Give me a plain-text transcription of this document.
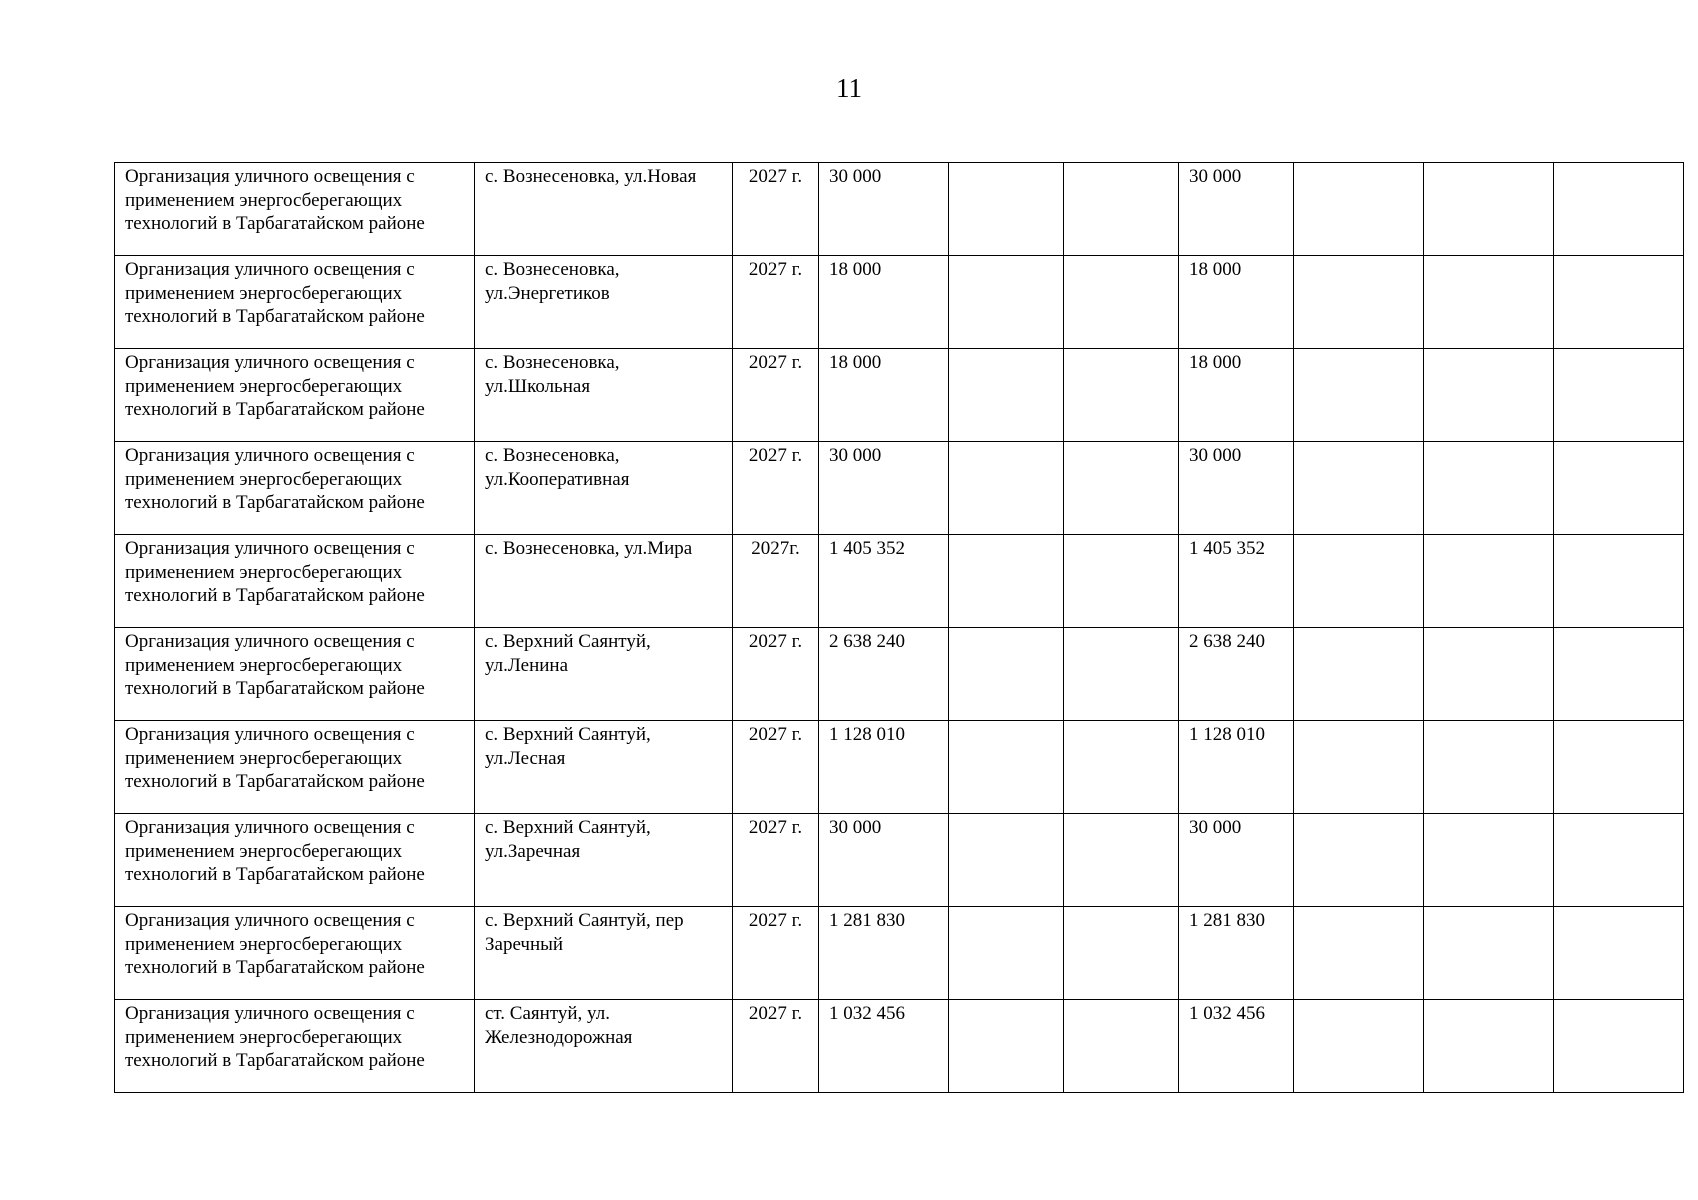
11
Организация уличного освещения с применением энергосберегающих технологий в Тарбагатайском районе	с. Вознесеновка, ул.Новая	2027 г.	30 000			30 000			
Организация уличного освещения с применением энергосберегающих технологий в Тарбагатайском районе	с. Вознесеновка, ул.Энергетиков	2027 г.	18 000			18 000			
Организация уличного освещения с применением энергосберегающих технологий в Тарбагатайском районе	с. Вознесеновка, ул.Школьная	2027 г.	18 000			18 000			
Организация уличного освещения с применением энергосберегающих технологий в Тарбагатайском районе	с. Вознесеновка, ул.Кооперативная	2027 г.	30 000			30 000			
Организация уличного освещения с применением энергосберегающих технологий в Тарбагатайском районе	с. Вознесеновка, ул.Мира	2027г.	1 405 352			1 405 352			
Организация уличного освещения с применением энергосберегающих технологий в Тарбагатайском районе	с. Верхний Саянтуй, ул.Ленина	2027 г.	2 638 240			2 638 240			
Организация уличного освещения с применением энергосберегающих технологий в Тарбагатайском районе	с. Верхний Саянтуй, ул.Лесная	2027 г.	1 128 010			1 128 010			
Организация уличного освещения с применением энергосберегающих технологий в Тарбагатайском районе	с. Верхний Саянтуй, ул.Заречная	2027 г.	30 000			30 000			
Организация уличного освещения с применением энергосберегающих технологий в Тарбагатайском районе	с. Верхний Саянтуй, пер Заречный	2027 г.	1 281 830			1 281 830			
Организация уличного освещения с применением энергосберегающих технологий в Тарбагатайском районе	ст. Саянтуй, ул. Железнодорожная	2027 г.	1 032 456			1 032 456			
